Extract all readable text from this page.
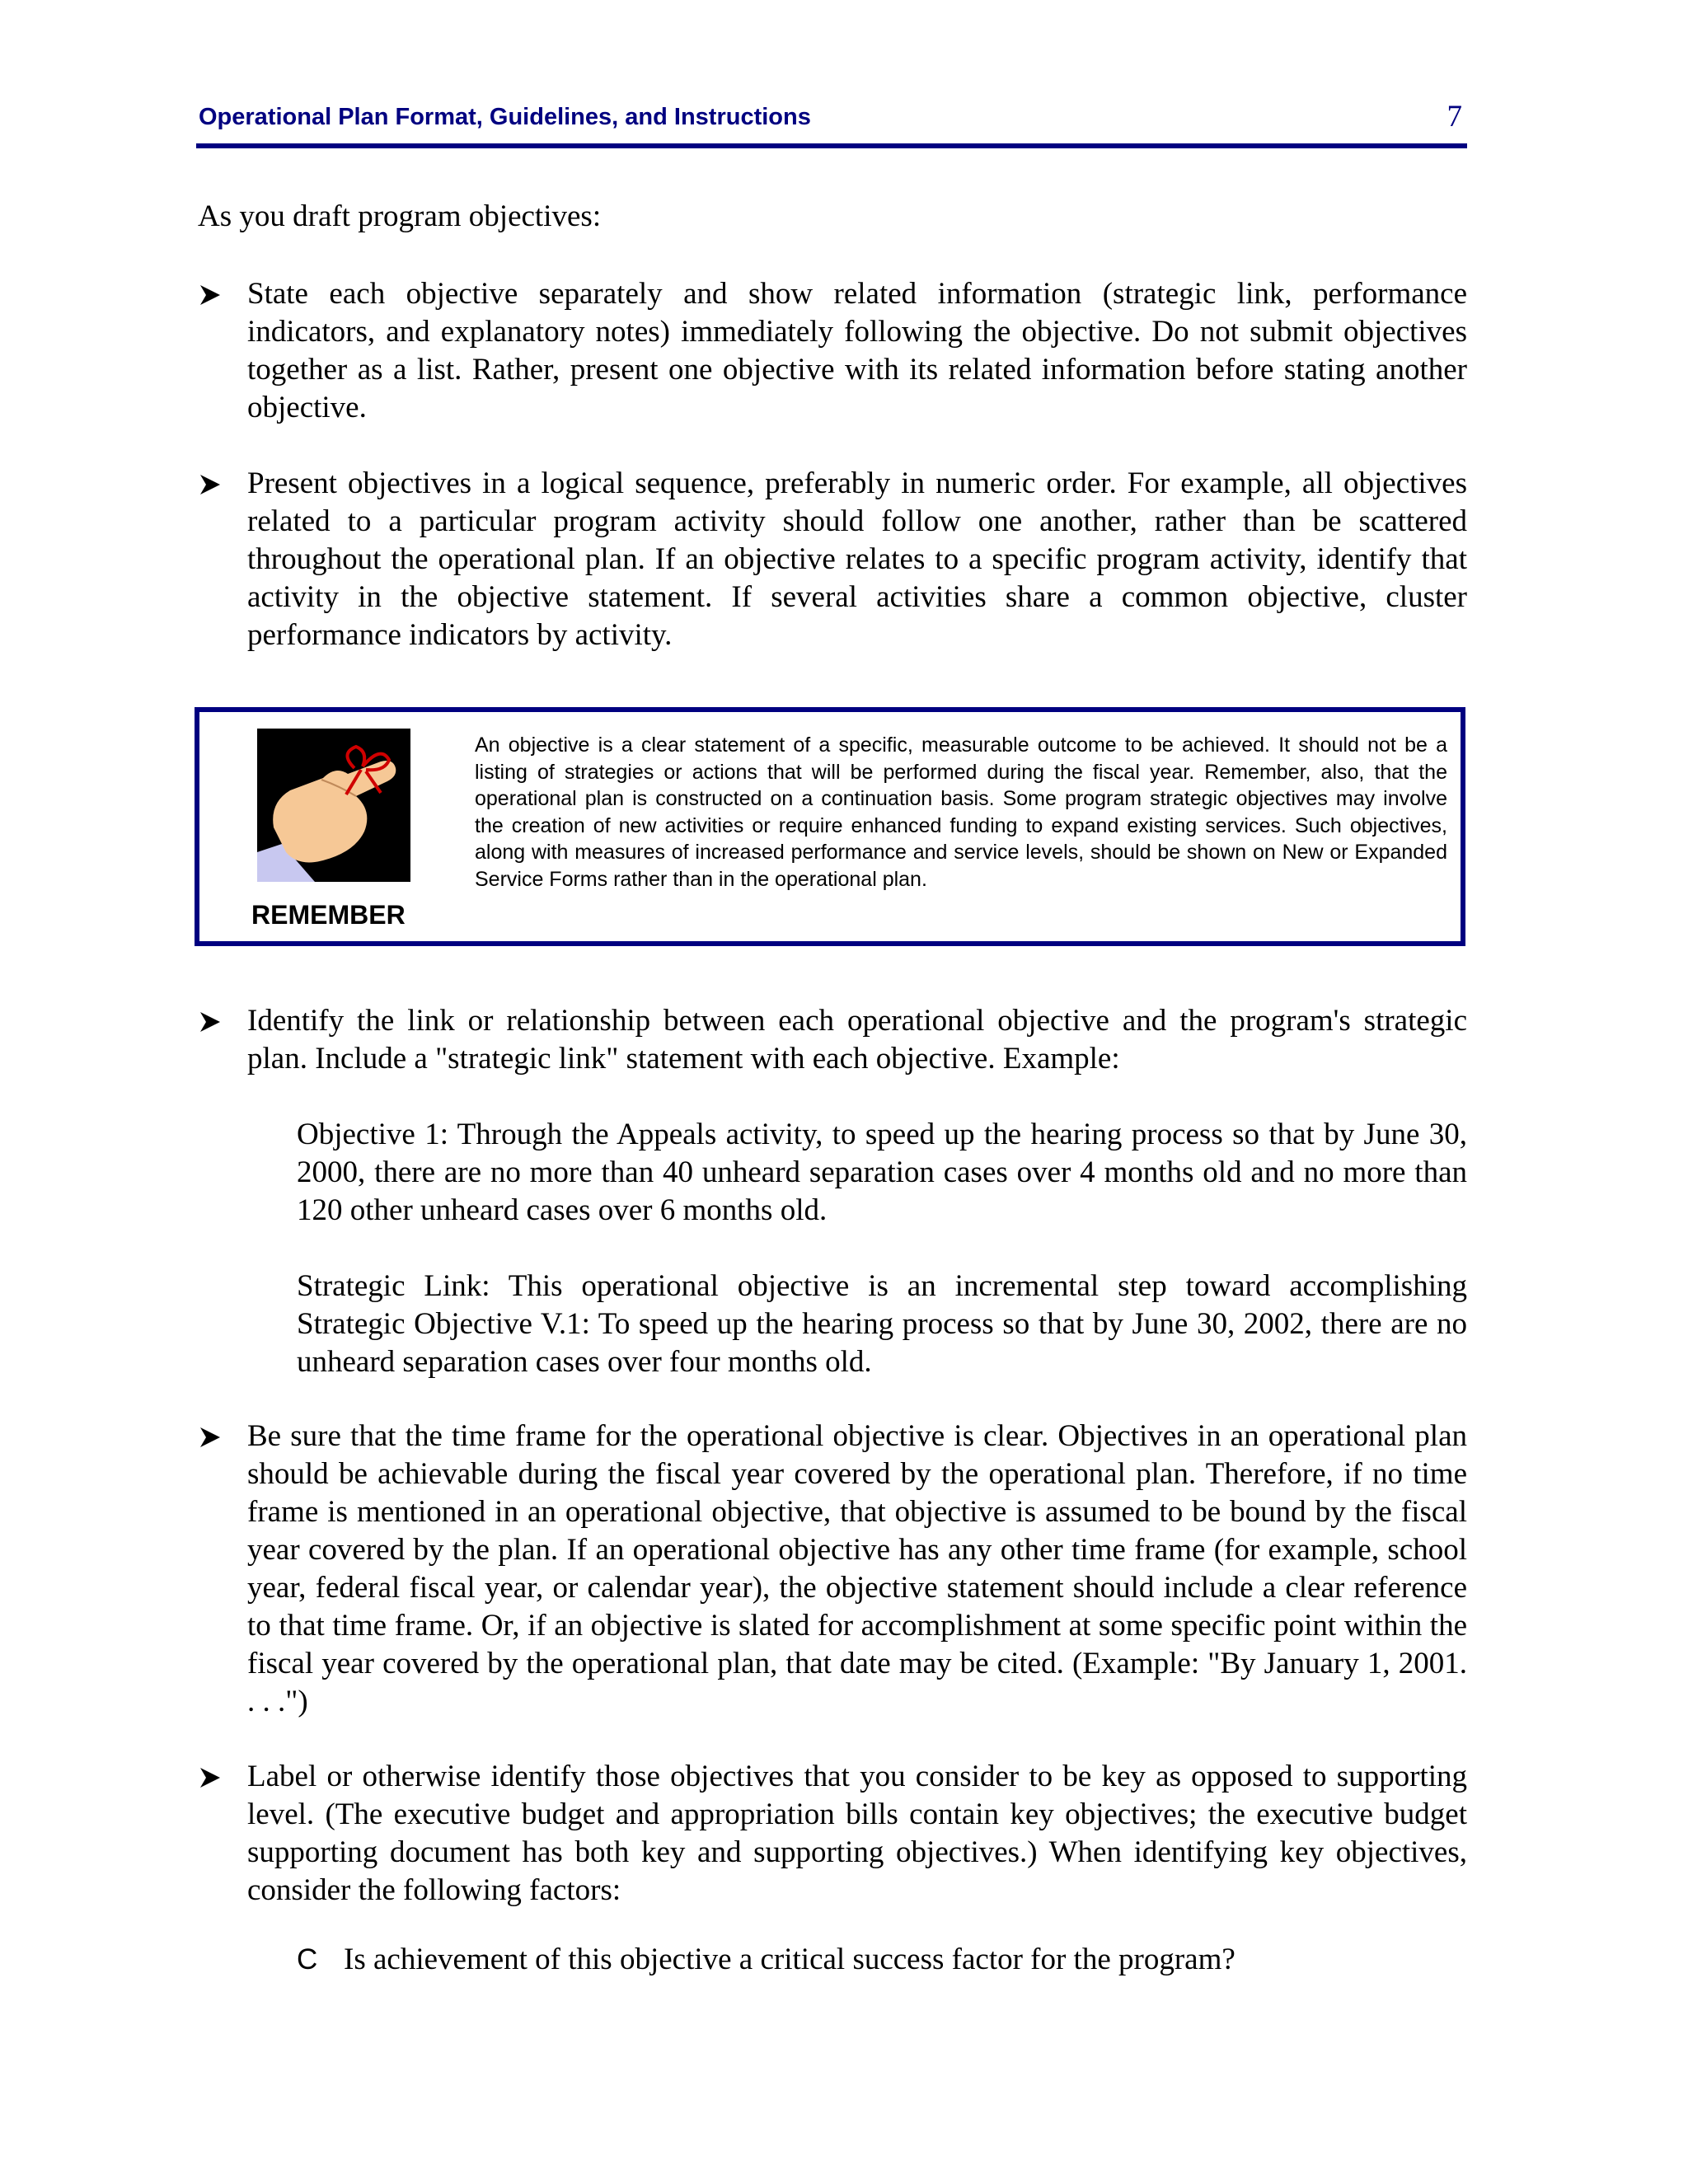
Operational Plan Format, Guidelines, and Instructions	7
As you draft program objectives:
State each objective separately and show related information (strategic link, performance indicators, and explanatory notes) immediately following the objective. Do not submit objectives together as a list. Rather, present one objective with its related information before stating another objective.
Present objectives in a logical sequence, preferably in numeric order. For example, all objectives related to a particular program activity should follow one another, rather than be scattered throughout the operational plan. If an objective relates to a specific program activity, identify that activity in the objective statement. If several activities share a common objective, cluster performance indicators by activity.
REMEMBER
An objective is a clear statement of a specific, measurable outcome to be achieved. It should not be a listing of strategies or actions that will be performed during the fiscal year. Remember, also, that the operational plan is constructed on a continuation basis. Some program strategic objectives may involve the creation of new activities or require enhanced funding to expand existing services. Such objectives, along with measures of increased performance and service levels, should be shown on New or Expanded Service Forms rather than in the operational plan.
Identify the link or relationship between each operational objective and the program's strategic plan. Include a "strategic link" statement with each objective. Example:
Objective 1: Through the Appeals activity, to speed up the hearing process so that by June 30, 2000, there are no more than 40 unheard separation cases over 4 months old and no more than 120 other unheard cases over 6 months old.
Strategic Link: This operational objective is an incremental step toward accomplishing Strategic Objective V.1: To speed up the hearing process so that by June 30, 2002, there are no unheard separation cases over four months old.
Be sure that the time frame for the operational objective is clear. Objectives in an operational plan should be achievable during the fiscal year covered by the operational plan. Therefore, if no time frame is mentioned in an operational objective, that objective is assumed to be bound by the fiscal year covered by the plan. If an operational objective has any other time frame (for example, school year, federal fiscal year, or calendar year), the objective statement should include a clear reference to that time frame. Or, if an objective is slated for accomplishment at some specific point within the fiscal year covered by the operational plan, that date may be cited. (Example: "By January 1, 2001. . . .")
Label or otherwise identify those objectives that you consider to be key as opposed to supporting level. (The executive budget and appropriation bills contain key objectives; the executive budget supporting document has both key and supporting objectives.) When identifying key objectives, consider the following factors:
C Is achievement of this objective a critical success factor for the program?
